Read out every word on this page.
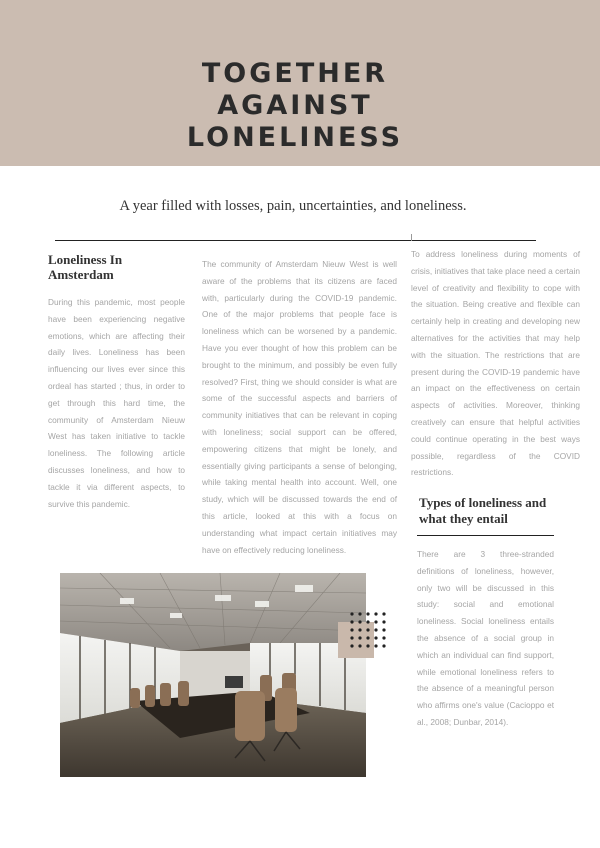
TOGETHER
AGAINST
LONELINESS
A year filled with losses, pain, uncertainties, and loneliness.
Loneliness In
Amsterdam
During this pandemic, most people have been experiencing negative emotions, which are affecting their daily lives. Loneliness has been influencing our lives ever since this ordeal has started ; thus, in order to get through this hard time, the community of Amsterdam Nieuw West has taken initiative to tackle loneliness. The following article discusses loneliness, and how to tackle it via different aspects, to survive this pandemic.
The community of Amsterdam Nieuw West is well aware of the problems that its citizens are faced with, particularly during the COVID-19 pandemic. One of the major problems that people face is loneliness which can be worsened by a pandemic. Have you ever thought of how this problem can be brought to the minimum, and possibly be even fully resolved? First, thing we should consider is what are some of the successful aspects and barriers of community initiatives that can be relevant in coping with loneliness; social support can be offered, empowering citizens that might be lonely, and essentially giving participants a sense of belonging, while taking mental health into account. Well, one study, which will be discussed towards the end of this article, looked at this with a focus on understanding what impact certain initiatives may have on effectively reducing loneliness.
To address loneliness during moments of crisis, initiatives that take place need a certain level of creativity and flexibility to cope with the situation. Being creative and flexible can certainly help in creating and developing new alternatives for the activities that may help with the situation. The restrictions that are present during the COVID-19 pandemic have an impact on the effectiveness on certain aspects of activities. Moreover, thinking creatively can ensure that helpful activities could continue operating in the best ways possible, regardless of the COVID restrictions.
Types of loneliness and
what they entail
There are 3 three-stranded definitions of loneliness, however, only two will be discussed in this study: social and emotional loneliness. Social loneliness entails the absence of a social group in which an individual can find support, while emotional loneliness refers to the absence of a meaningful person who affirms one's value (Cacioppo et al., 2008; Dunbar, 2014).
